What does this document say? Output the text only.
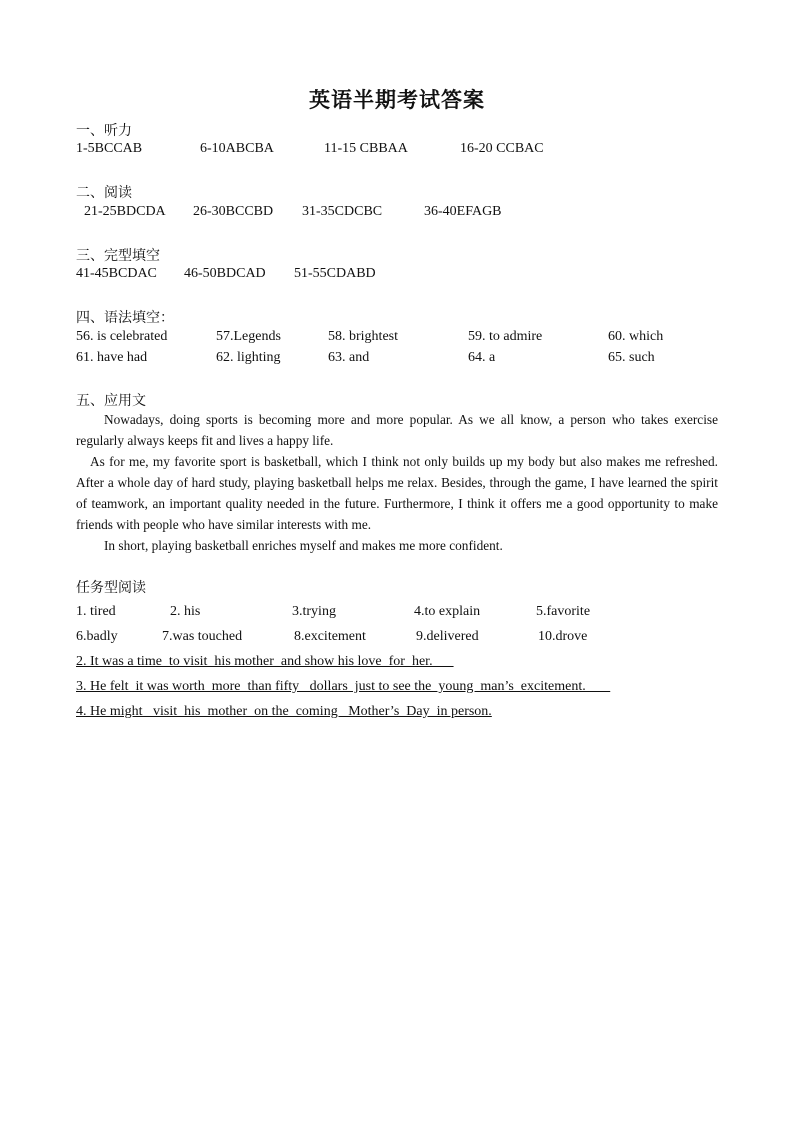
英语半期考试答案
一、听力
1-5BCCAB	6-10ABCBA	11-15 CBBAA	16-20 CCBAC
二、阅读
21-25BDCDA 26-30BCCBD 31-35CDCBC	36-40EFAGB
三、完型填空
41-45BCDAC 46-50BDCAD 51-55CDABD
四、语法填空：
56. is celebrated	57.Legends	58. brightest	59. to admire	60. which
61. have had	62. lighting	63. and	64. a	65. such
五、应用文

Nowadays, doing sports is becoming more and more popular. As we all know, a person who takes exercise regularly always keeps fit and lives a happy life.

As for me, my favorite sport is basketball, which I think not only builds up my body but also makes me refreshed. After a whole day of hard study, playing basketball helps me relax. Besides, through the game, I have learned the spirit of teamwork, an important quality needed in the future. Furthermore, I think it offers me a good opportunity to make friends with people who have similar interests with me.

In short, playing basketball enriches myself and makes me more confident.

任务型阅读
1. tired	2. his	3.trying	4.to explain	5.favorite
6.badly	7.was touched	8.excitement	9.delivered	10.drove
2. It was a time  to visit  his mother  and show his love  for  her.
3. He felt  it was worth  more  than fifty   dollars  just to see the  young  man’s  excitement.
4. He might   visit  his  mother  on the  coming   Mother’s  Day  in person.
